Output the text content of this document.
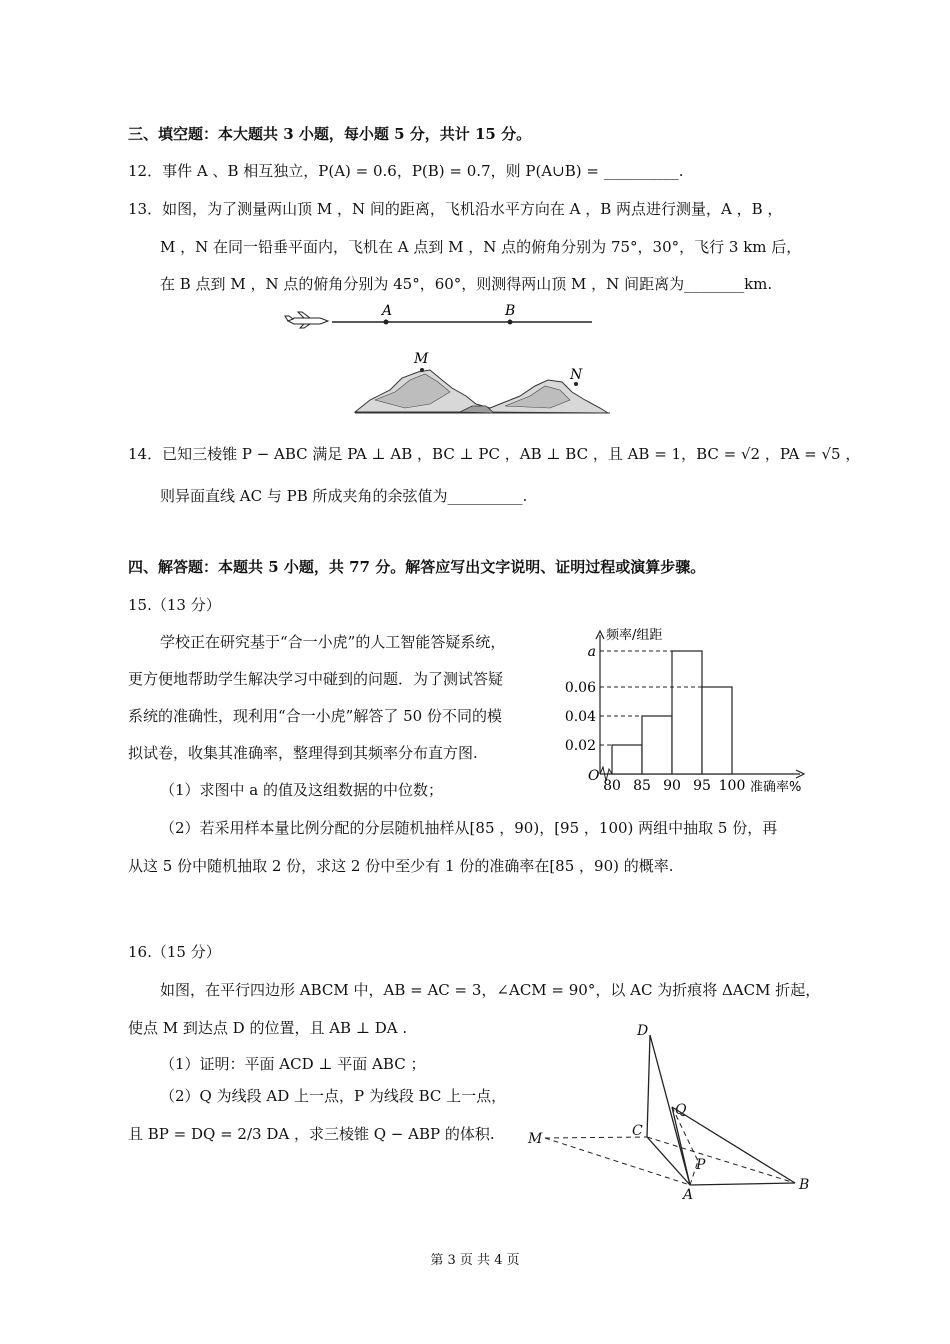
三、填空题：本大题共 3 小题，每小题 5 分，共计 15 分。
12．事件 A 、B 相互独立，P(A) = 0.6，P(B) = 0.7，则 P(A∪B) = __________.
13．如图，为了测量两山顶 M ，N 间的距离，飞机沿水平方向在 A ，B 两点进行测量，A ，B ，
M ，N 在同一铅垂平面内，飞机在 A 点到 M ，N 点的俯角分别为 75°，30°，飞行 3 km 后，
在 B 点到 M ，N 点的俯角分别为 45°，60°，则测得两山顶 M ，N 间距离为________km.
A	B
M
N
14．已知三棱锥 P − ABC 满足 PA ⊥ AB ，BC ⊥ PC ，AB ⊥ BC ，且 AB = 1，BC = √2 ，PA = √5 ，
则异面直线 AC 与 PB 所成夹角的余弦值为__________.
四、解答题：本题共 5 小题，共 77 分。解答应写出文字说明、证明过程或演算步骤。
15.（13 分）
学校正在研究基于“合一小虎”的人工智能答疑系统，
更方便地帮助学生解决学习中碰到的问题．为了测试答疑
系统的准确性，现利用“合一小虎”解答了 50 份不同的模
拟试卷，收集其准确率，整理得到其频率分布直方图.
（1）求图中 a 的值及这组数据的中位数；
（2）若采用样本量比例分配的分层随机抽样从[85 ，90)，[95 ，100) 两组中抽取 5 份，再
从这 5 份中随机抽取 2 份，求这 2 份中至少有 1 份的准确率在[85 ，90) 的概率.
O
频率/组距
准确率%
a
0.06
0.04
0.02
80 85 90 95 100
16.（15 分）
如图，在平行四边形 ABCM 中，AB = AC = 3，∠ACM = 90°，以 AC 为折痕将 ΔACM 折起，
使点 M 到达点 D 的位置，且 AB ⊥ DA .
（1）证明：平面 ACD ⊥ 平面 ABC ；
（2）Q 为线段 AD 上一点，P 为线段 BC 上一点，
且 BP = DQ = 2/3 DA ，求三棱锥 Q − ABP 的体积.
D
Q
M	C
P
A
B
第 3 页 共 4 页
